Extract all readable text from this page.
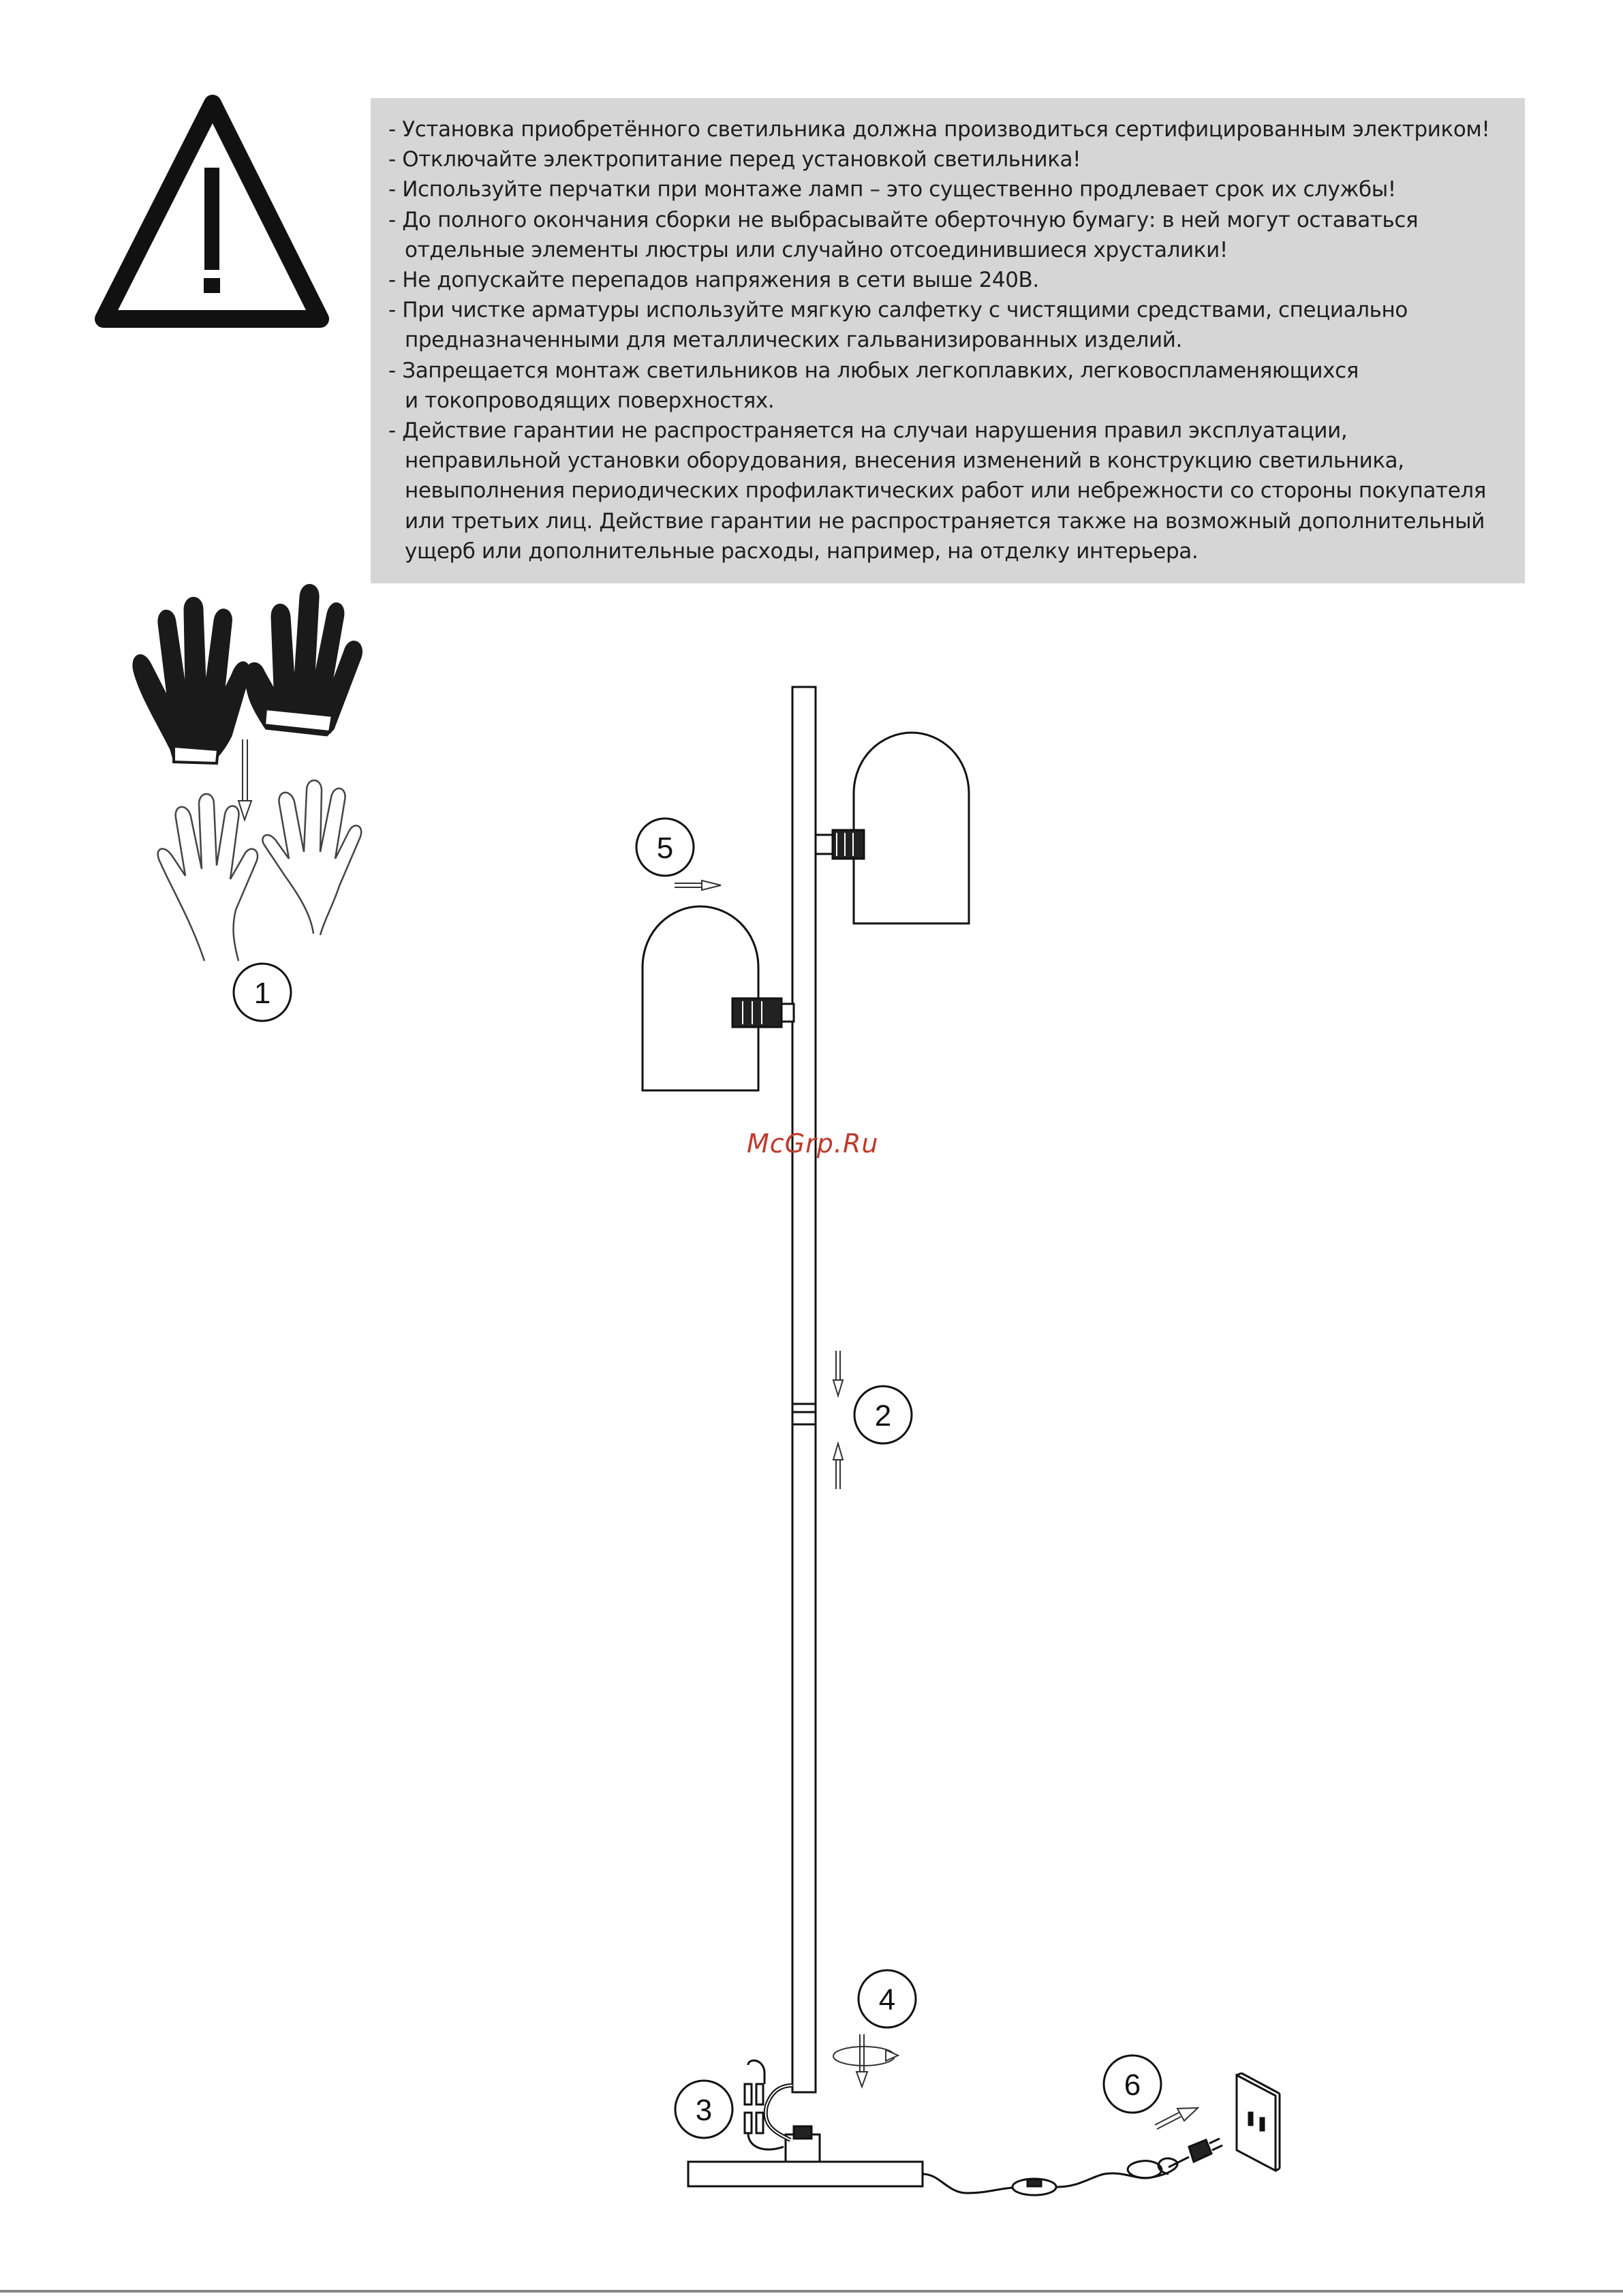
1
5
2
4
3
6
- Установка приобретённого светильника должна производиться сертифицированным электриком!
- Отключайте электропитание перед установкой светильника!
- Используйте перчатки при монтаже ламп – это существенно продлевает срок их службы!
- До полного окончания сборки не выбрасывайте оберточную бумагу: в ней могут оставаться
отдельные элементы люстры или случайно отсоединившиеся хрусталики!
- Не допускайте перепадов напряжения в сети выше 240В.
- При чистке арматуры используйте мягкую салфетку с чистящими средствами, специально
предназначенными для металлических гальванизированных изделий.
- Запрещается монтаж светильников на любых легкоплавких, легковоспламеняющихся
и токопроводящих поверхностях.
- Действие гарантии не распространяется на случаи нарушения правил эксплуатации,
неправильной установки оборудования, внесения изменений в конструкцию светильника,
невыполнения периодических профилактических работ или небрежности со стороны покупателя
или третьих лиц. Действие гарантии не распространяется также на возможный дополнительный
ущерб или дополнительные расходы, например, на отделку интерьера.
McGrp.Ru
